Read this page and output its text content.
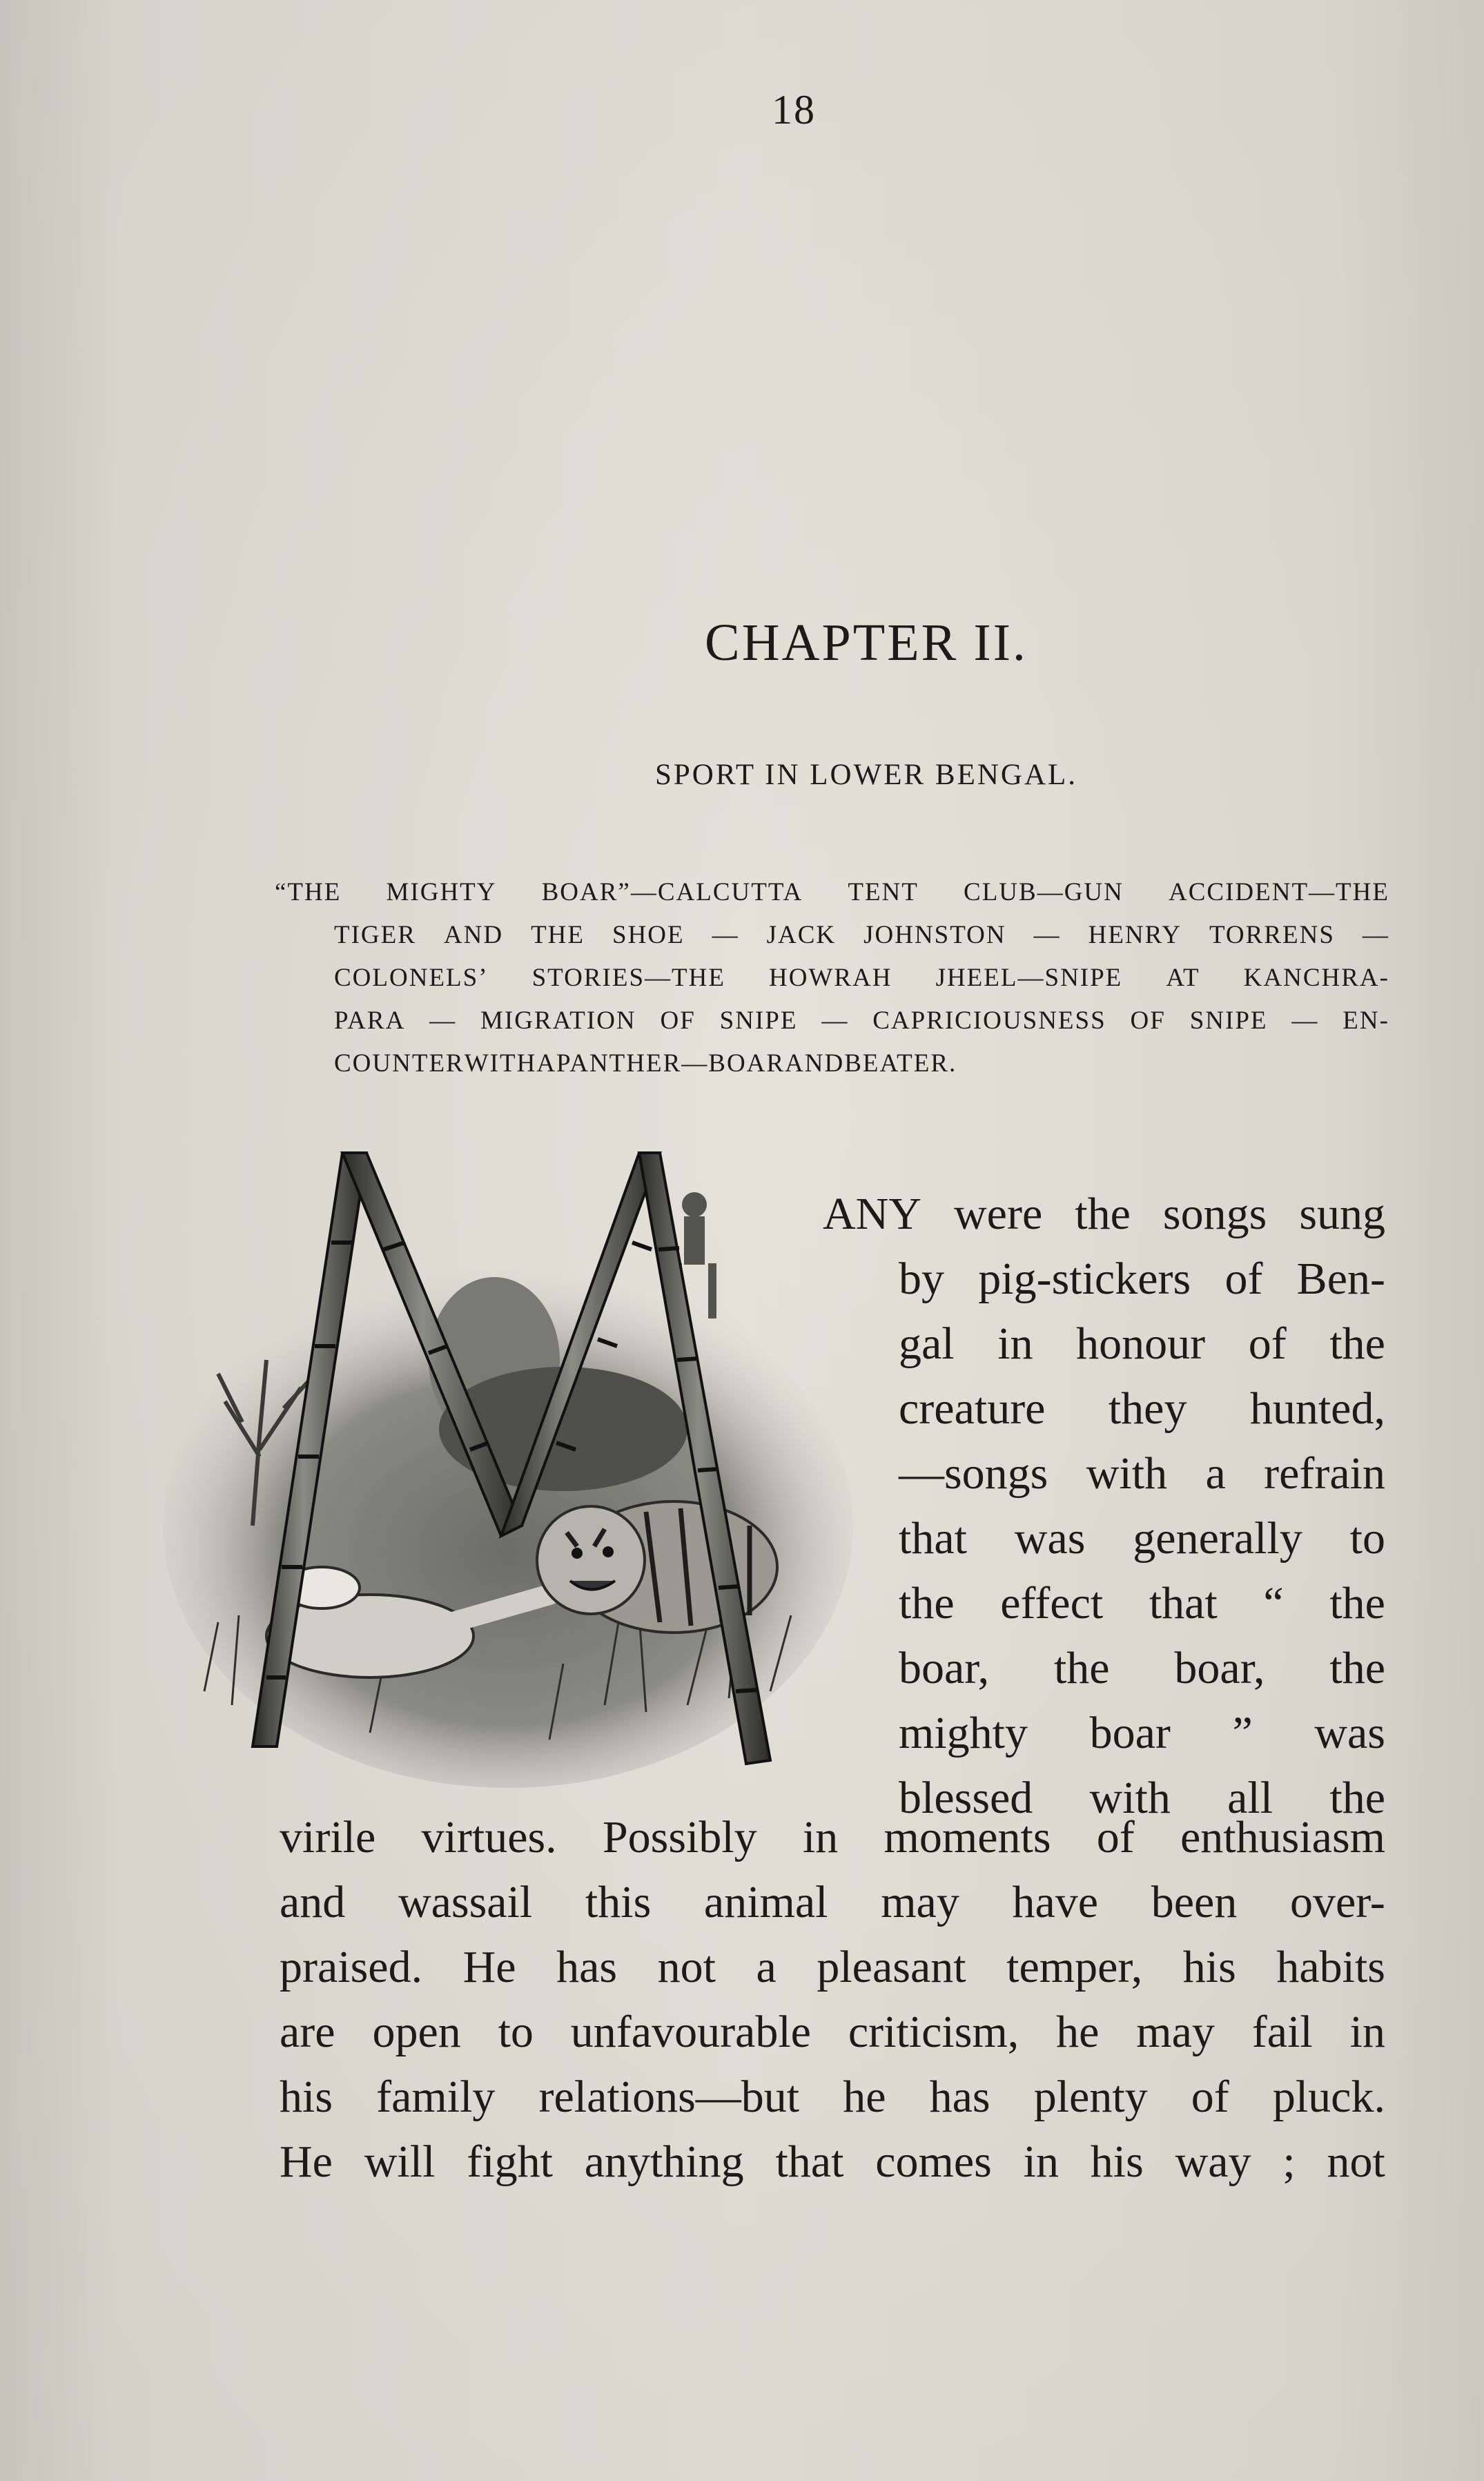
18
CHAPTER II.
SPORT IN LOWER BENGAL.
“THE MIGHTY BOAR”—CALCUTTA TENT CLUB—GUN ACCIDENT—THE
TIGER AND THE SHOE — JACK JOHNSTON — HENRY TORRENS —
COLONELS’ STORIES—THE HOWRAH JHEEL—SNIPE AT KANCHRA-
PARA — MIGRATION OF SNIPE — CAPRICIOUSNESS OF SNIPE — EN-
COUNTER WITH A PANTHER—BOAR AND BEATER.
ANY were the songs sung
by pig-stickers of Ben-
gal in honour of the
creature they hunted,
—songs with a refrain
that was generally to
the effect that “ the
boar, the boar, the
mighty boar ” was
blessed with all the
virile virtues. Possibly in moments of enthusiasm
and wassail this animal may have been over-
praised. He has not a pleasant temper, his habits
are open to unfavourable criticism, he may fail in
his family relations—but he has plenty of pluck.
He will fight anything that comes in his way ; not
